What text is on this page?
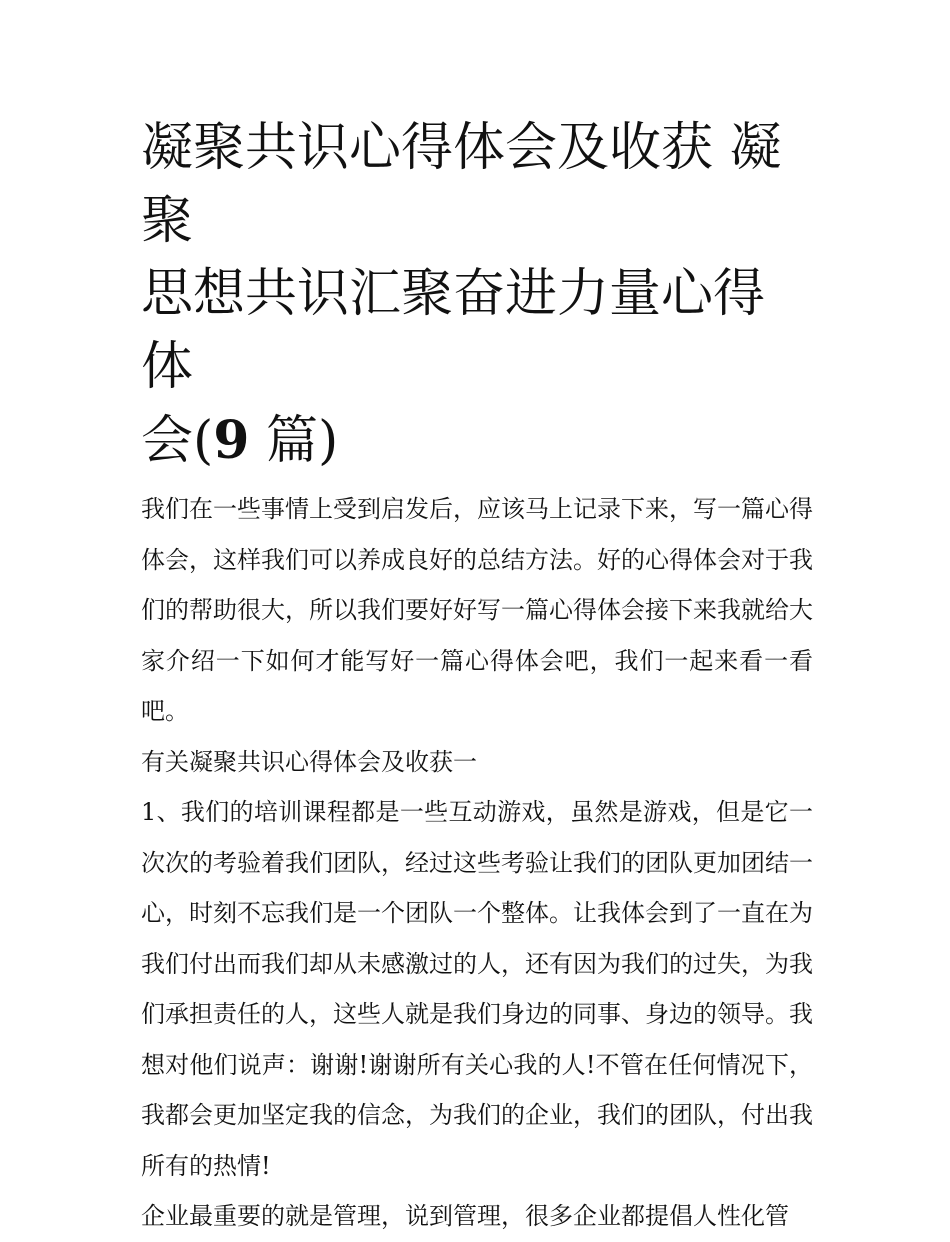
凝聚共识心得体会及收获 凝聚
思想共识汇聚奋进力量心得体
会(9 篇)

我们在一些事情上受到启发后，应该马上记录下来，写一篇心得体会，这样我们可以养成良好的总结方法。好的心得体会对于我们的帮助很大，所以我们要好好写一篇心得体会接下来我就给大家介绍一下如何才能写好一篇心得体会吧，我们一起来看一看吧。

有关凝聚共识心得体会及收获一

1、我们的培训课程都是一些互动游戏，虽然是游戏，但是它一次次的考验着我们团队，经过这些考验让我们的团队更加团结一心，时刻不忘我们是一个团队一个整体。让我体会到了一直在为我们付出而我们却从未感激过的人，还有因为我们的过失，为我们承担责任的人，这些人就是我们身边的同事、身边的领导。我想对他们说声：谢谢!谢谢所有关心我的人!不管在任何情况下，我都会更加坚定我的信念，为我们的企业，我们的团队，付出我所有的热情!

企业最重要的就是管理，说到管理，很多企业都提倡人性化管
